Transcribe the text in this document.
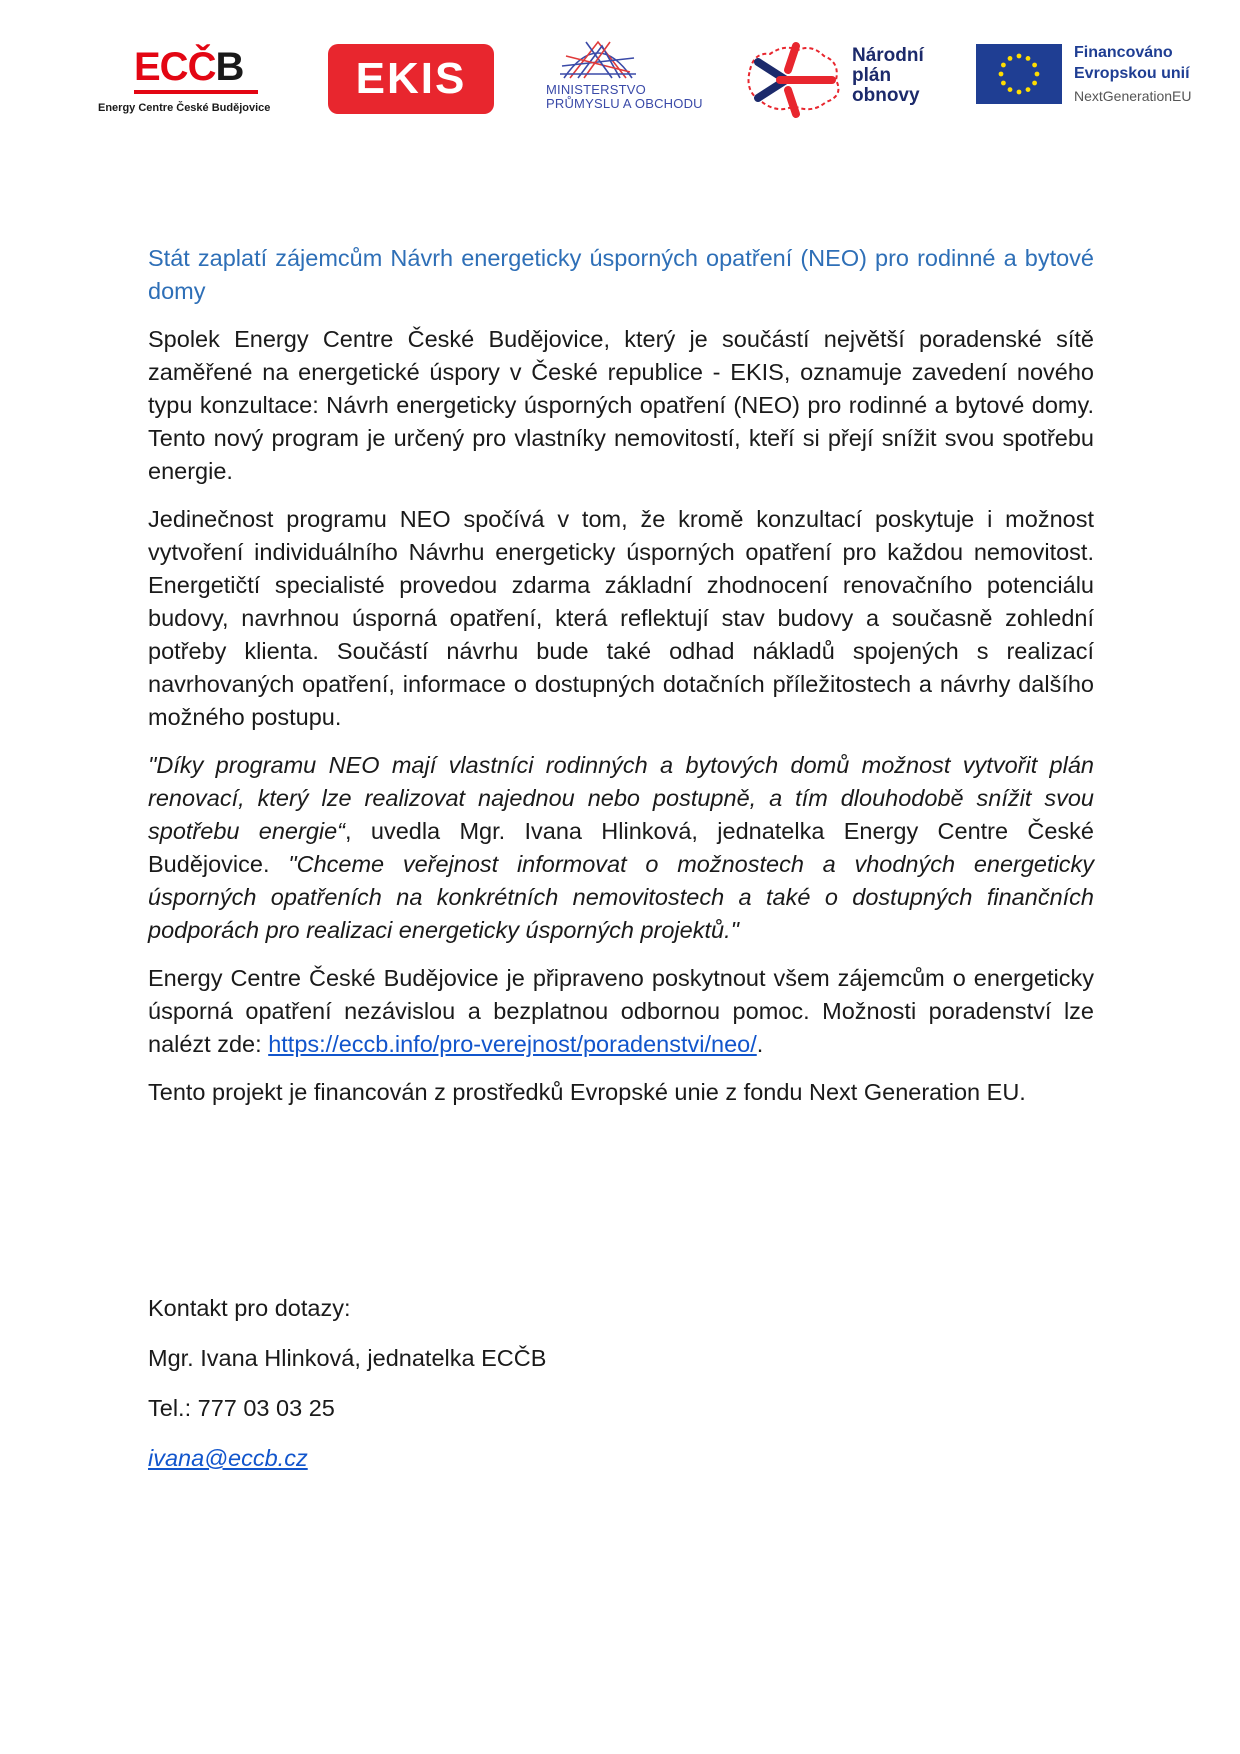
ECČB
Energy Centre České Budějovice
EKIS	MINISTERSTVO
PRŮMYSLU A OBCHODU
Národní
plán
obnovy
Financováno
Evropskou unií
NextGenerationEU
Stát zaplatí zájemcům Návrh energeticky úsporných opatření (NEO) pro rodinné a bytové domy

Spolek Energy Centre České Budějovice, který je součástí největší poradenské sítě zaměřené na energetické úspory v České republice - EKIS, oznamuje zavedení nového typu konzultace: Návrh energeticky úsporných opatření (NEO) pro rodinné a bytové domy. Tento nový program je určený pro vlastníky nemovitostí, kteří si přejí snížit svou spotřebu energie.

Jedinečnost programu NEO spočívá v tom, že kromě konzultací poskytuje i možnost vytvoření individuálního Návrhu energeticky úsporných opatření pro každou nemovitost. Energetičtí specialisté provedou zdarma základní zhodnocení renovačního potenciálu budovy, navrhnou úsporná opatření, která reflektují stav budovy a současně zohlední potřeby klienta. Součástí návrhu bude také odhad nákladů spojených s realizací navrhovaných opatření, informace o dostupných dotačních příležitostech a návrhy dalšího možného postupu.

"Díky programu NEO mají vlastníci rodinných a bytových domů možnost vytvořit plán renovací, který lze realizovat najednou nebo postupně, a tím dlouhodobě snížit svou spotřebu energie“, uvedla Mgr. Ivana Hlinková, jednatelka Energy Centre České Budějovice. "Chceme veřejnost informovat o možnostech a vhodných energeticky úsporných opatřeních na konkrétních nemovitostech a také o dostupných finančních podporách pro realizaci energeticky úsporných projektů."

Energy Centre České Budějovice je připraveno poskytnout všem zájemcům o energeticky úsporná opatření nezávislou a bezplatnou odbornou pomoc. Možnosti poradenství lze nalézt zde: https://eccb.info/pro-verejnost/poradenstvi/neo/.

Tento projekt je financován z prostředků Evropské unie z fondu Next Generation EU.

Kontakt pro dotazy:

Mgr. Ivana Hlinková, jednatelka ECČB

Tel.: 777 03 03 25

ivana@eccb.cz
